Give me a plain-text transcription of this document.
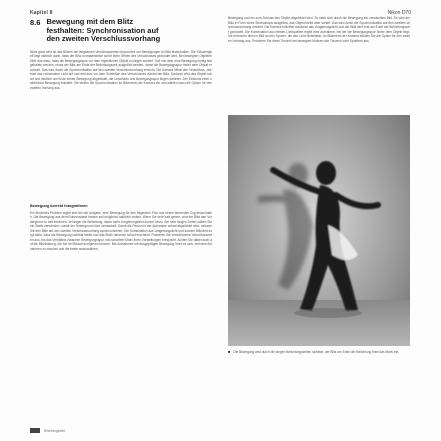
Kapitel 8	Nikon D70
8.6 Bewegung mit dem Blitz festhalten: Synchronisation auf den zweiten Verschlussvorhang
Nicht ganz wird ist das Blitzen bei langsamen Verschlusszeiten besonders um Bewegungen im Bild festzuhalten. Die Schwierigkeit liegt nämlich darin, dass der Blitz normalerweise sofort beim Öffnen des Verschlusses gezündet wird. Bei bewegten Objekten führt das dazu, dass die Bewegungsspur vor dem eigentlichen Objekt zu liegen scheint. Soll nun aber eine Bewegung richtig festgehalten werden, muss der Blitz am Ende der Belichtungszeit ausgelöst werden, damit die Bewegungsspur hinter dem Objekt erscheint. Das wird durch die Synchronisation auf den zweiten Verschlussvorhang erreicht. Die Kamera öffnet den Verschluss, zeichnet das vorhandene Licht auf und erst kurz vor dem Schließen des Verschlusses zündet der Blitz. Dadurch wird das Objekt scharf und deutlich am Ende seiner Bewegung abgebildet, die Unschärfe und Bewegungsspur liegen dahinter. Der Eindruck einer natürlichen Bewegung entsteht. Sie stellen die Synchronisation im Blitzmenü der Kamera ein und wählen dazu die Option für den zweiten Vorhang aus.
Bewegung korrekt fotografieren
Ein ähnliches Problem ergibt sich bei der Aufgabe, eine Bewegung für den folgenden Foto aus einem fahrenden Zug festzuhalten. Die Bewegung aus dem Ruhezustand heraus soll möglichst natürlich wirken. Wenn Sie sehr weit gehen, wird der Blitz den Vordergrund zu hell zeichnen. Je länger die Belichtung, desto mehr Umgebungslicht kommt hinzu. Bei sehr langen Zeiten sollten Sie ein Stativ verwenden, damit der Hintergrund nicht verwackelt. Damit die Person in der Aufnahme scharf abgebildet wird, müssen Sie den Blitz auf den zweiten Verschlussvorhang synchronisieren. Die Kombination aus Umgebungslicht und kurzem Blitzlicht sorgt dafür, dass die Bewegung sichtbar bleibt und das Motiv dennoch scharf erscheint. Probieren Sie verschiedene Verschlusszeiten aus, bis das Verhältnis zwischen Bewegungsspur und scharfem Motiv Ihren Vorstellungen entspricht. Achten Sie dabei auch auf die Blitzleistung, die Sie bei Bedarf korrigieren können. Bei Aufnahmen mit ausgeprägter Bewegung lohnt es sich, mehrere Aufnahmen zu machen und die beste auszuwählen.
Bewegung und ein zum Schluss des Objekt abgebildet wird. So stark sich durch die Bewegung ein verwischtes Bild. Es wird der Blitz in Form eines Stroboskops ausgelöst, das Objekt bleibt aber scharf. Das wird durch die Synchronisation auf den zweiten Verschlussvorhang erreicht. Die Kamera belichtet zunächst das Umgebungslicht und der Blitz wird erst am Ende der Belichtungszeit gezündet. Die Kombination aus beiden Lichtquellen ergibt eine Aufnahme, bei der die Bewegungsspur hinter dem Objekt liegt. Sie erkennen dies im Bild an den Spuren, die das Licht hinterlässt. Im Blitzmenü der Kamera wählen Sie die Option für den zweiten Vorhang aus. Probieren Sie diese Technik bei bewegten Motiven wie Tänzern oder Sportlern aus.
■ Die Bewegung wird durch die langen Belichtungszeiten sichtbar, der Blitz am Ende der Belichtung friert das Motiv ein.
Blitzfotografie
